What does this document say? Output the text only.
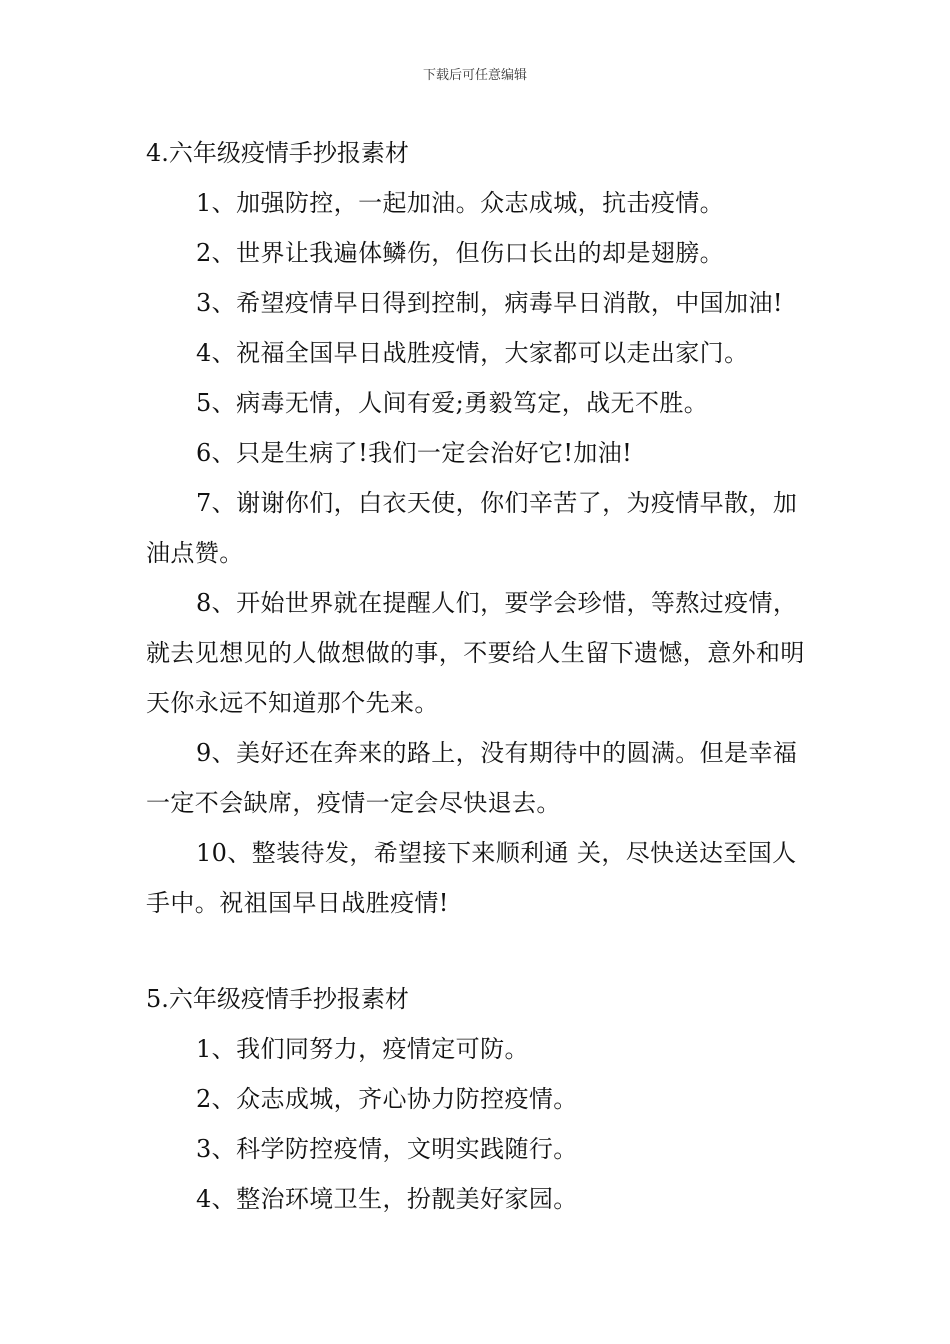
下载后可任意编辑

4.六年级疫情手抄报素材

1、加强防控，一起加油。众志成城，抗击疫情。

2、世界让我遍体鳞伤，但伤口长出的却是翅膀。

3、希望疫情早日得到控制，病毒早日消散，中国加油!

4、祝福全国早日战胜疫情，大家都可以走出家门。

5、病毒无情，人间有爱;勇毅笃定，战无不胜。

6、只是生病了!我们一定会治好它!加油!

7、谢谢你们，白衣天使，你们辛苦了，为疫情早散，加油点赞。

8、开始世界就在提醒人们，要学会珍惜，等熬过疫情，就去见想见的人做想做的事，不要给人生留下遗憾，意外和明天你永远不知道那个先来。

9、美好还在奔来的路上，没有期待中的圆满。但是幸福一定不会缺席，疫情一定会尽快退去。

10、整装待发，希望接下来顺利通 关，尽快送达至国人手中。祝祖国早日战胜疫情!

5.六年级疫情手抄报素材

1、我们同努力，疫情定可防。

2、众志成城，齐心协力防控疫情。

3、科学防控疫情，文明实践随行。

4、整治环境卫生，扮靓美好家园。
